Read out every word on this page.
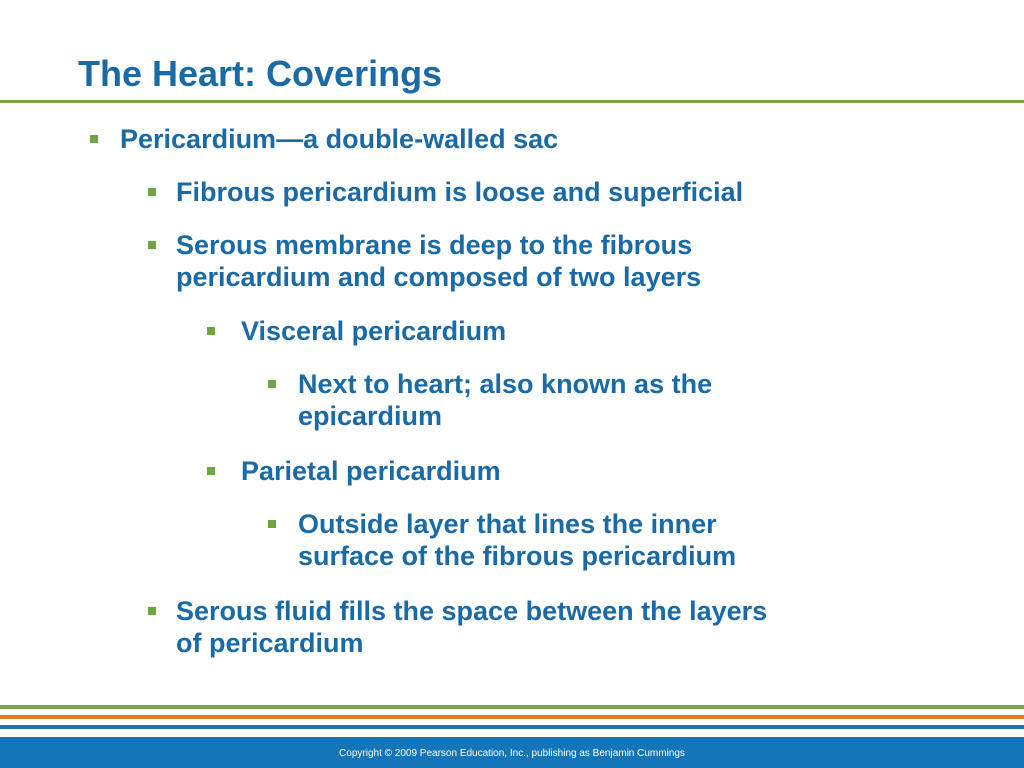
The Heart: Coverings
Pericardium—a double-walled sac
Fibrous pericardium is loose and superficial
Serous membrane is deep to the fibrous
pericardium and composed of two layers
Visceral pericardium
Next to heart; also known as the
epicardium
Parietal pericardium
Outside layer that lines the inner
surface of the fibrous pericardium
Serous fluid fills the space between the layers
of pericardium
Copyright © 2009 Pearson Education, Inc., publishing as Benjamin Cummings
